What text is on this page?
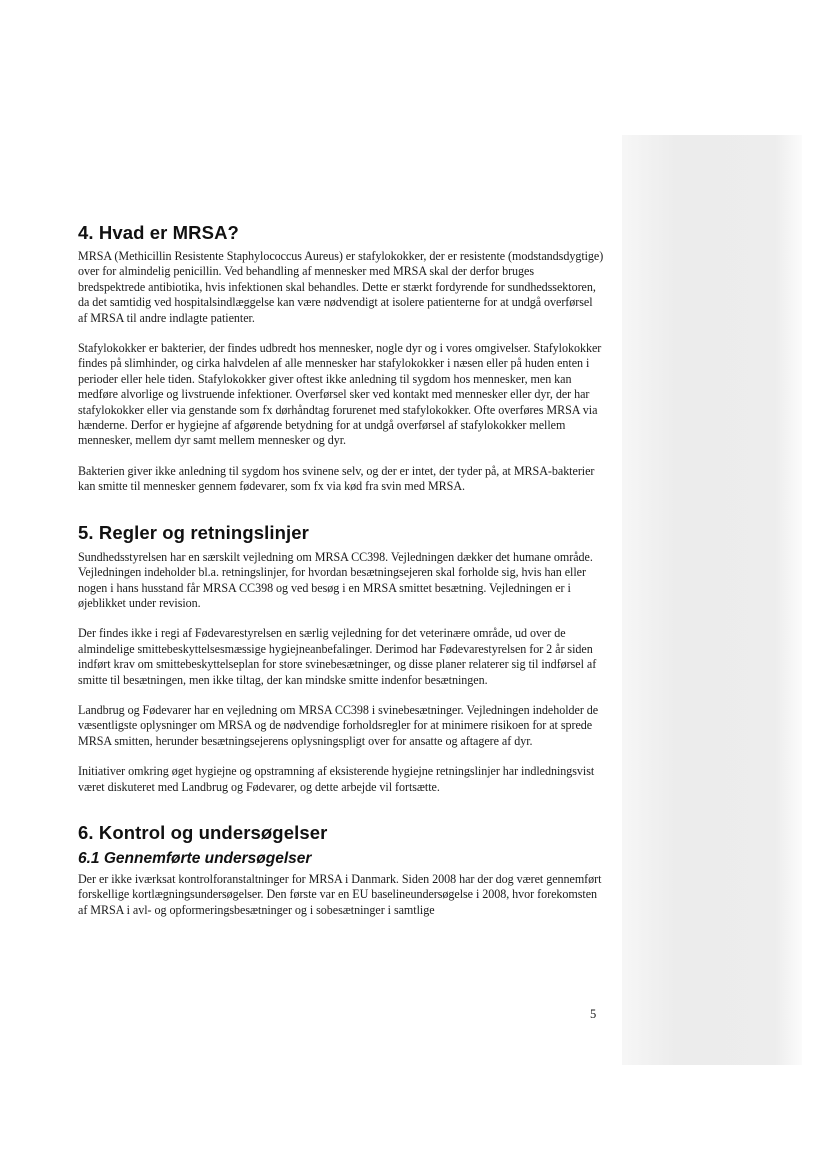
4. Hvad er MRSA?

MRSA (Methicillin Resistente Staphylococcus Aureus) er stafylokokker, der er resistente (modstandsdygtige) over for almindelig penicillin. Ved behandling af mennesker med MRSA skal der derfor bruges bredspektrede antibiotika, hvis infektionen skal behandles. Dette er stærkt fordyrende for sundhedssektoren, da det samtidig ved hospitalsindlæggelse kan være nødvendigt at isolere patienterne for at undgå overførsel af MRSA til andre indlagte patienter.

Stafylokokker er bakterier, der findes udbredt hos mennesker, nogle dyr og i vores omgivelser. Stafylokokker findes på slimhinder, og cirka halvdelen af alle mennesker har stafylokokker i næsen eller på huden enten i perioder eller hele tiden. Stafylokokker giver oftest ikke anledning til sygdom hos mennesker, men kan medføre alvorlige og livstruende infektioner. Overførsel sker ved kontakt med mennesker eller dyr, der har stafylokokker eller via genstande som fx dørhåndtag forurenet med stafylokokker. Ofte overføres MRSA via hænderne. Derfor er hygiejne af afgørende betydning for at undgå overførsel af stafylokokker mellem mennesker, mellem dyr samt mellem mennesker og dyr.

Bakterien giver ikke anledning til sygdom hos svinene selv, og der er intet, der tyder på, at MRSA-bakterier kan smitte til mennesker gennem fødevarer, som fx via kød fra svin med MRSA.

5. Regler og retningslinjer

Sundhedsstyrelsen har en særskilt vejledning om MRSA CC398. Vejledningen dækker det humane område. Vejledningen indeholder bl.a. retningslinjer, for hvordan besætningsejeren skal forholde sig, hvis han eller nogen i hans husstand får MRSA CC398 og ved besøg i en MRSA smittet besætning. Vejledningen er i øjeblikket under revision.

Der findes ikke i regi af Fødevarestyrelsen en særlig vejledning for det veterinære område, ud over de almindelige smittebeskyttelsesmæssige hygiejneanbefalinger. Derimod har Fødevarestyrelsen for 2 år siden indført krav om smittebeskyttelseplan for store svinebesætninger, og disse planer relaterer sig til indførsel af smitte til besætningen, men ikke tiltag, der kan mindske smitte indenfor besætningen.

Landbrug og Fødevarer har en vejledning om MRSA CC398 i svinebesætninger. Vejledningen indeholder de væsentligste oplysninger om MRSA og de nødvendige forholdsregler for at minimere risikoen for at sprede MRSA smitten, herunder besætningsejerens oplysningspligt over for ansatte og aftagere af dyr.

Initiativer omkring øget hygiejne og opstramning af eksisterende hygiejne retningslinjer har indledningsvist været diskuteret med Landbrug og Fødevarer, og dette arbejde vil fortsætte.

6. Kontrol og undersøgelser
6.1 Gennemførte undersøgelser

Der er ikke iværksat kontrolforanstaltninger for MRSA i Danmark. Siden 2008 har der dog været gennemført forskellige kortlægningsundersøgelser. Den første var en EU baselineundersøgelse i 2008, hvor forekomsten af MRSA i avl- og opformeringsbesætninger og i sobesætninger i samtlige

5
